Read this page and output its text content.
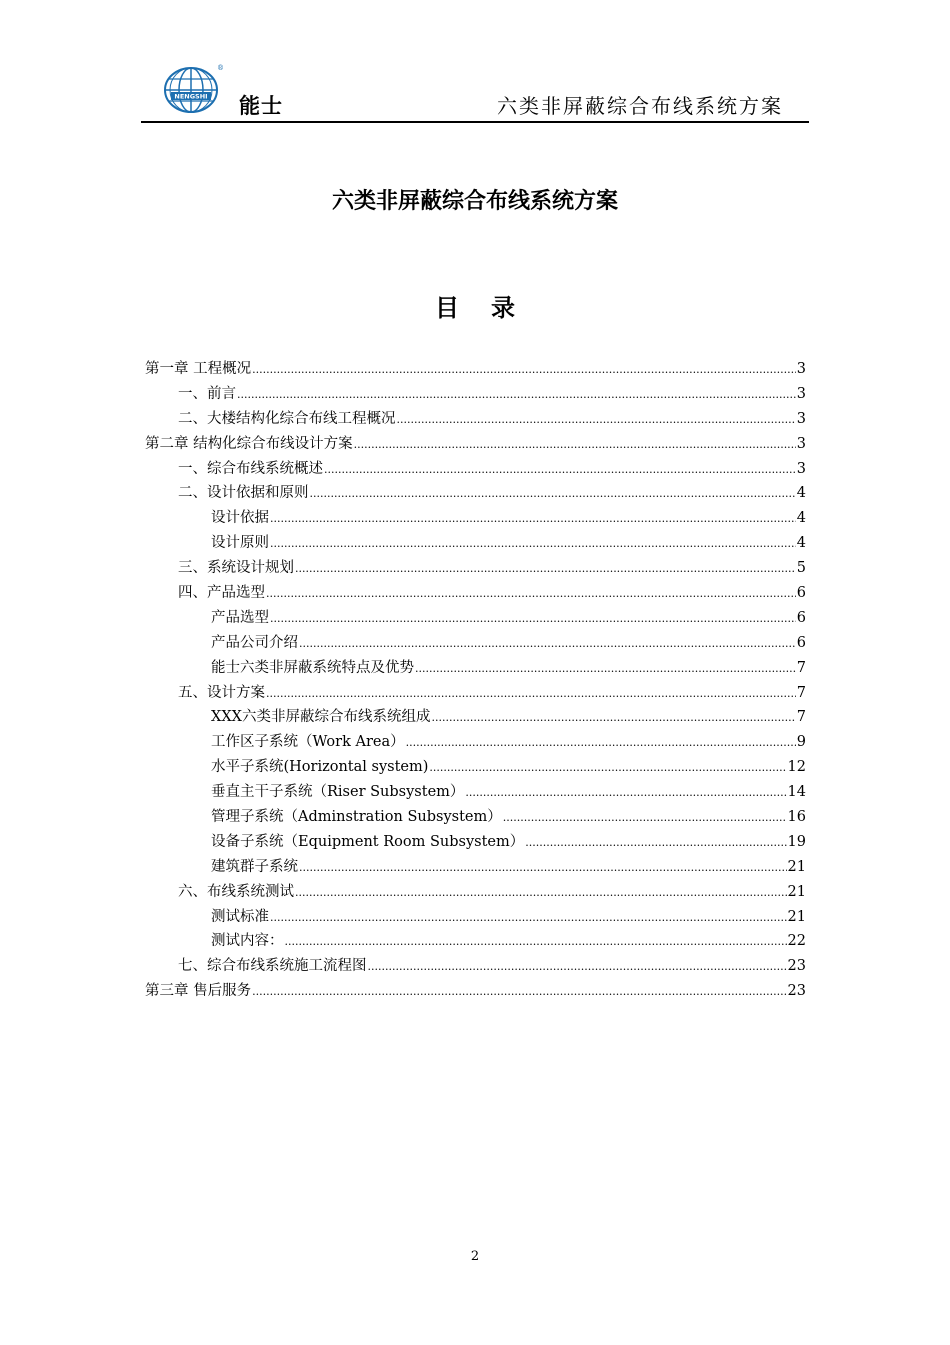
NENGSHI
®
能士	六类非屏蔽综合布线系统方案
六类非屏蔽综合布线系统方案
目录
第一章 工程概况 .....	3
一、前言 .....	3
二、大楼结构化综合布线工程概况 .....	3
第二章 结构化综合布线设计方案 .....	3
一、综合布线系统概述 .....	3
二、设计依据和原则 .....	4
设计依据 .....	4
设计原则 .....	4
三、系统设计规划 .....	5
四、产品选型 .....	6
产品选型 .....	6
产品公司介绍 .....	6
能士六类非屏蔽系统特点及优势 .....	7
五、设计方案 .....	7
XXX六类非屏蔽综合布线系统组成 .....	7
工作区子系统（Work Area） .....	9
水平子系统(Horizontal system) .....	12
垂直主干子系统（Riser Subsystem） .....	14
管理子系统（Adminstration Subsystem） .....	16
设备子系统（Equipment Room Subsystem） .....	19
建筑群子系统 .....	21
六、布线系统测试 .....	21
测试标准 .....	21
测试内容： .....	22
七、综合布线系统施工流程图 .....	23
第三章 售后服务 .....	23
2
